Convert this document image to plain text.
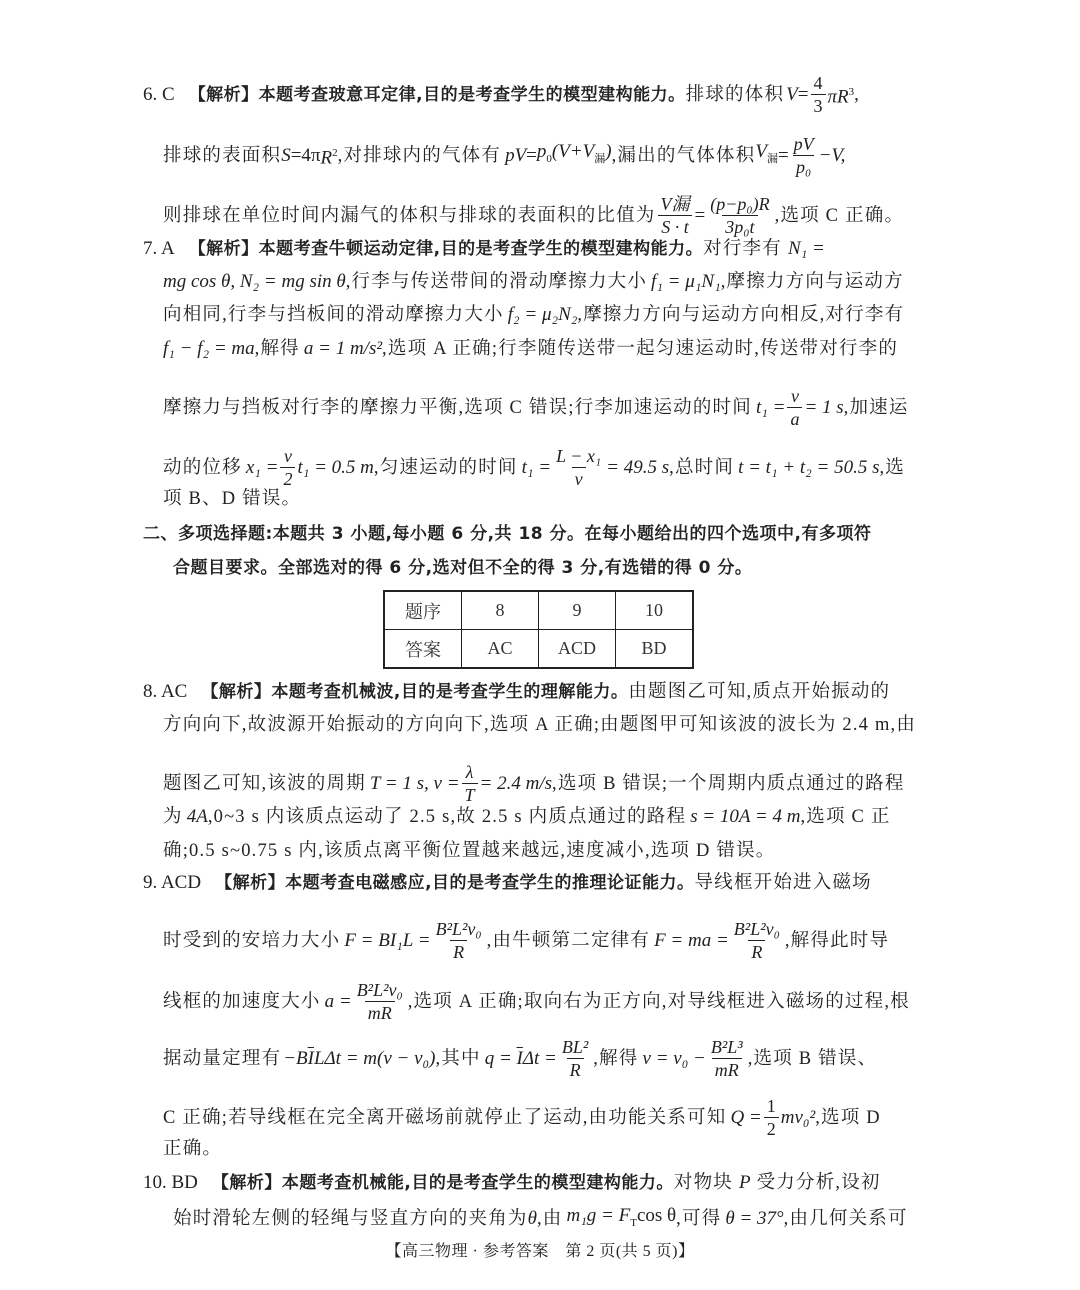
6. C 【解析】本题考查玻意耳定律,目的是考查学生的模型建构能力。 排球的体积 $V = \frac{4}{3} \pi R^3$ ,
排球的表面积 S =4π $R^2$ ,对排球内的气体有 pV = $p_0(V+V_漏)$ ,漏出的气体体积 $V_漏 = \frac{pV}{\text{p₀}} -V$,
则排球在单位时间内漏气的体积与排球的表面积的比值为 $\frac{\text{V漏}}{S \cdot t} = \frac{\text{(p−p₀)R}}{\text{3p₀t}}$ ,选项 C 正确。
7. A 【解析】本题考查牛顿运动定律,目的是考查学生的模型建构能力。 对行李有 N₁ =
mg cos θ, N₂ = mg sin θ ,行李与传送带间的滑动摩擦力大小 f₁ = μ₁N₁ ,摩擦力方向与运动方
向相同,行李与挡板间的滑动摩擦力大小 f₂ = μ₂N₂ ,摩擦力方向与运动方向相反,对行李有
f₁ − f₂ = ma ,解得 a = 1 m/s² ,选项 A 正确;行李随传送带一起匀速运动时,传送带对行李的
摩擦力与挡板对行李的摩擦力平衡,选项 C 错误;行李加速运动的时间 $t_1 = \frac{v}{a} = 1$ s ,加速运
动的位移 $x_1 = \frac{v}{2} t_1 = 0.5$ m ,匀速运动的时间 $t_1 = \frac{\text{L − x₁}}{v} = 49.5$ s ,总时间 t = t₁ + t₂ = 50.5 s ,选
项 B、D 错误。
二、多项选择题:本题共 3 小题,每小题 6 分,共 18 分。在每小题给出的四个选项中,有多项符
合题目要求。全部选对的得 6 分,选对但不全的得 3 分,有选错的得 0 分。
题序	8	9	10
答案	AC	ACD	BD
8. AC 【解析】本题考查机械波,目的是考查学生的理解能力。 由题图乙可知,质点开始振动的
方向向下,故波源开始振动的方向向下,选项 A 正确;由题图甲可知该波的波长为 2.4 m,由
题图乙可知,该波的周期 T = 1 s, $v = \frac{\lambda}{T} = 2.4$ m/s ,选项 B 错误;一个周期内质点通过的路程
为 4A ,0~3 s 内该质点运动了 2.5 s,故 2.5 s 内质点通过的路程 s = 10A = 4 m ,选项 C 正
确;0.5 s~0.75 s 内,该质点离平衡位置越来越远,速度减小,选项 D 错误。
9. ACD 【解析】本题考查电磁感应,目的是考查学生的推理论证能力。 导线框开始进入磁场
时受到的安培力大小 $F = BI_1L = \frac{\text{B²L²v₀}}{R}$ ,由牛顿第二定律有 F = ma = $\frac{\text{B²L²v₀}}{R}$ ,解得此时导
线框的加速度大小 $a = \frac{\text{B²L²v₀}}{mR}$ ,选项 A 正确;取向右为正方向,对导线框进入磁场的过程,根
据动量定理有 $-B\overline{I}L\Delta t = m(v - v_0)$ ,其中 $q = \overline{I}\Delta t = \frac{\text{BL²}}{R}$ ,解得 $v = v_0 - \frac{\text{B²L³}}{mR}$ ,选项 B 错误、
C 正确;若导线框在完全离开磁场前就停止了运动,由功能关系可知 $Q = \frac{1}{2} mv_0^2$ ,选项 D
正确。
10. BD 【解析】本题考查机械能,目的是考查学生的模型建构能力。 对物块 P 受力分析,设初
始时滑轮左侧的轻绳与竖直方向的夹角为 θ ,由 $m_1g = F_T\cos$ θ ,可得 θ = 37° ,由几何关系可
【高三物理 · 参考答案　第 2 页(共 5 页)】
